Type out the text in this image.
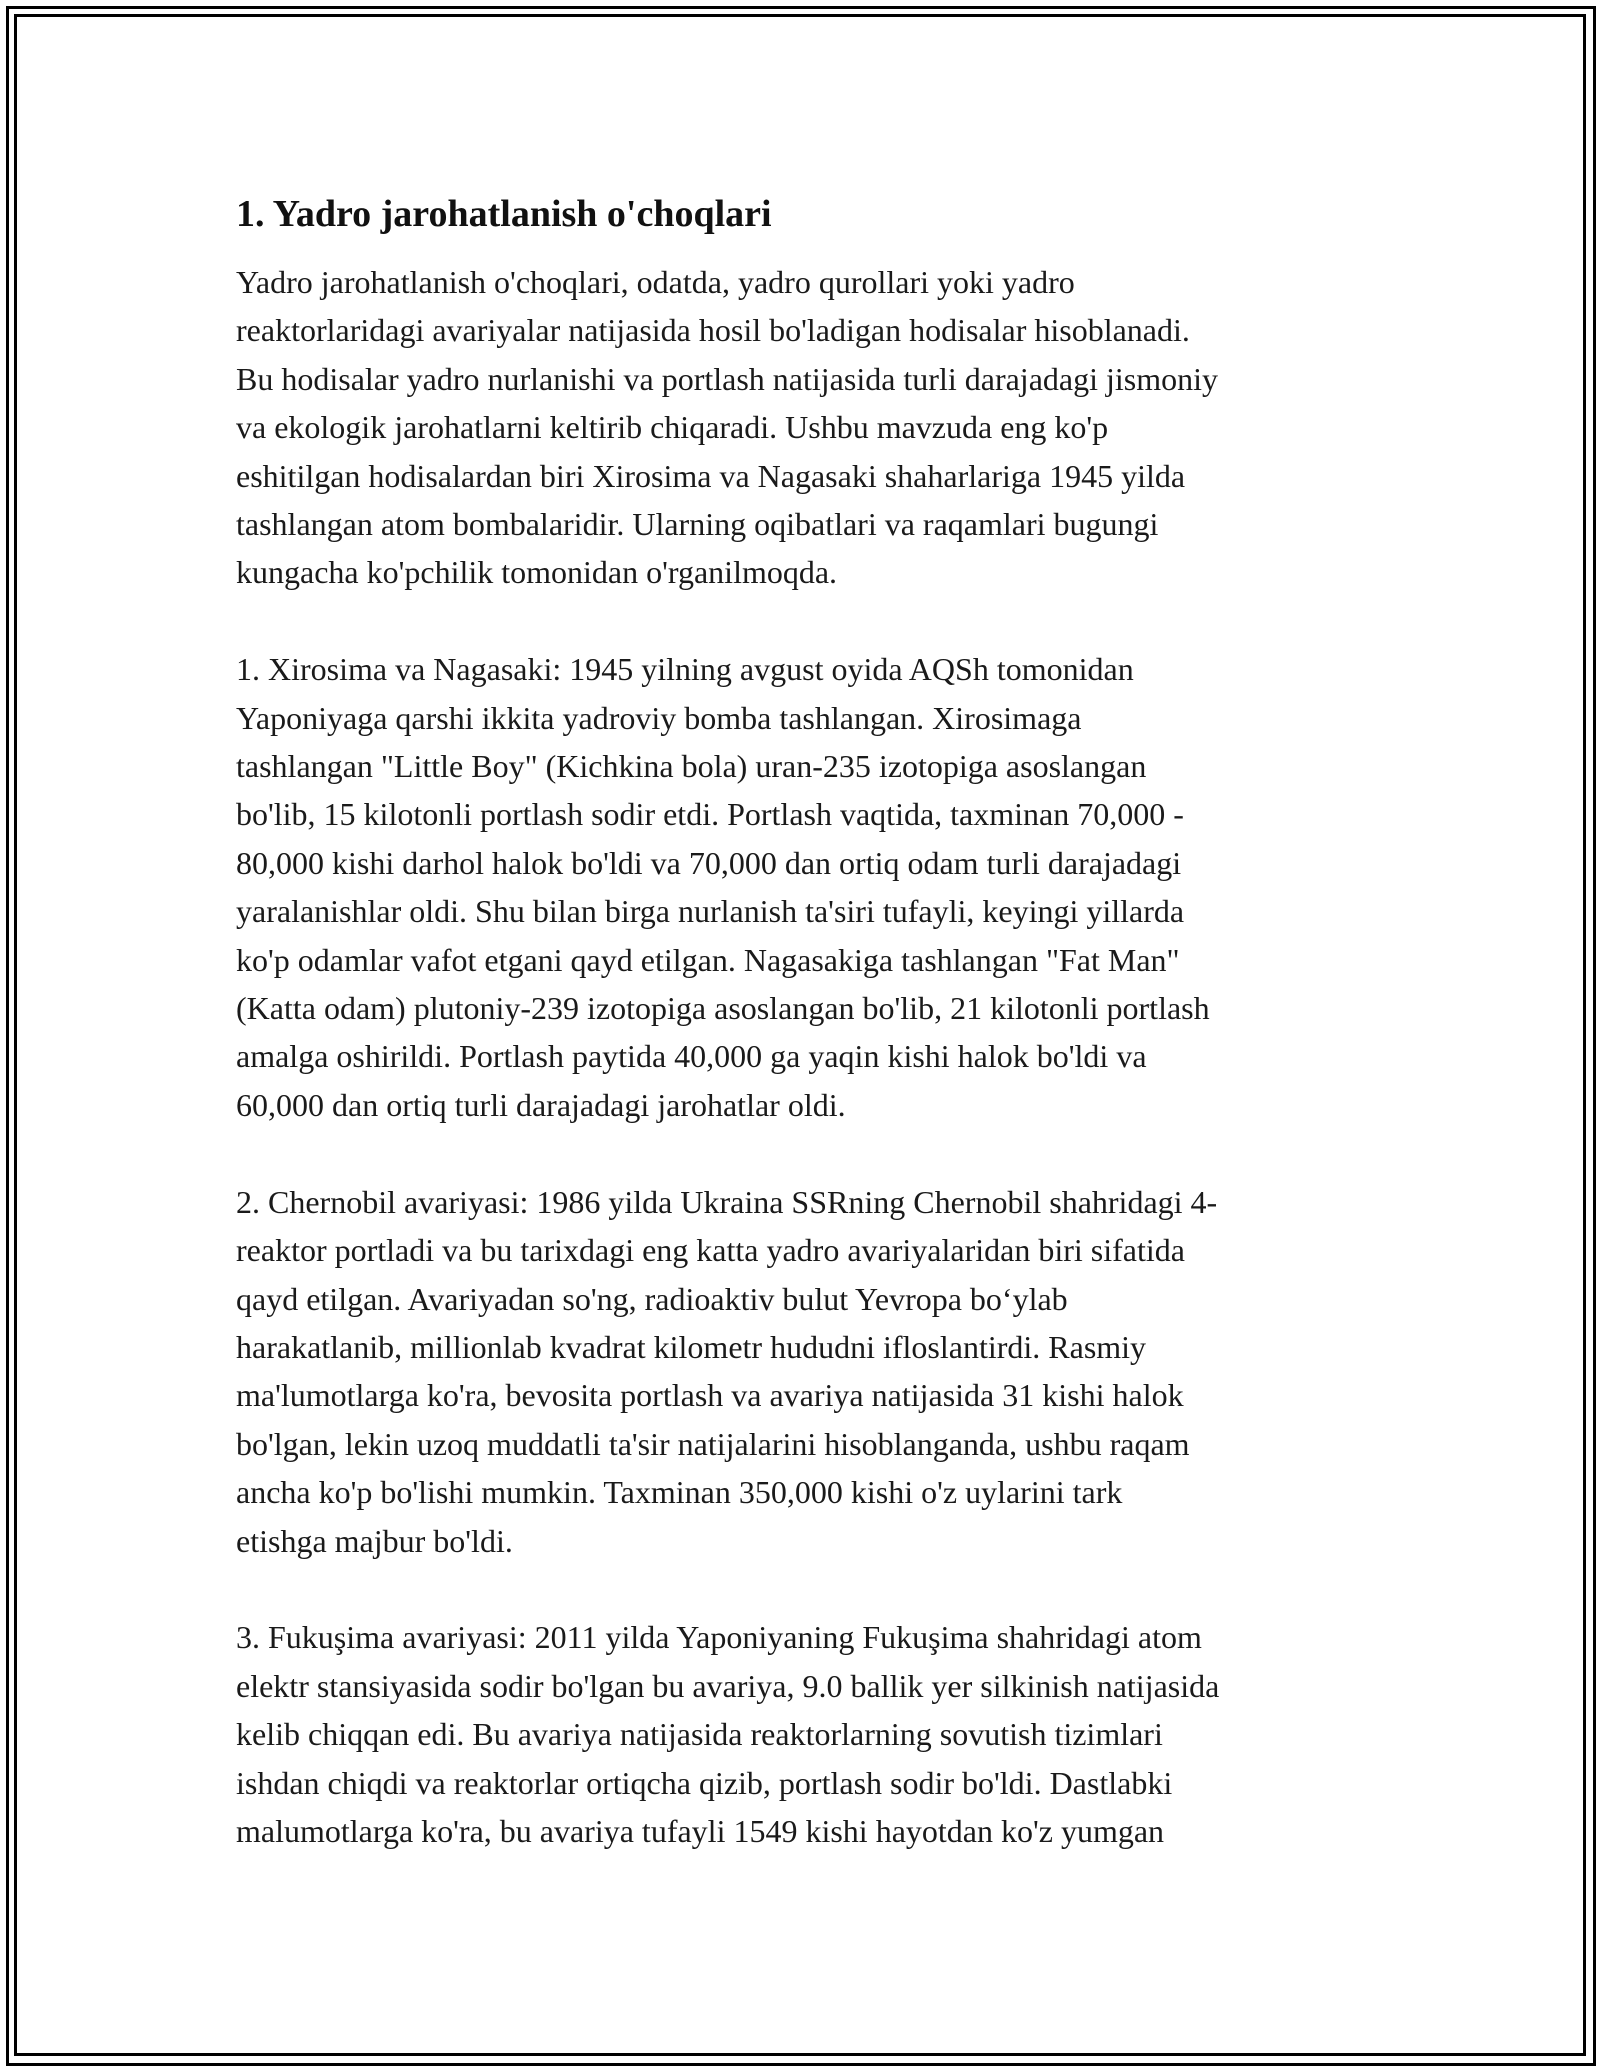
1. Yadro jarohatlanish o'choqlari

Yadro jarohatlanish o'choqlari, odatda, yadro qurollari yoki yadro
reaktorlaridagi avariyalar natijasida hosil bo'ladigan hodisalar hisoblanadi.
Bu hodisalar yadro nurlanishi va portlash natijasida turli darajadagi jismoniy
va ekologik jarohatlarni keltirib chiqaradi. Ushbu mavzuda eng ko'p
eshitilgan hodisalardan biri Xirosima va Nagasaki shaharlariga 1945 yilda
tashlangan atom bombalaridir. Ularning oqibatlari va raqamlari bugungi
kungacha ko'pchilik tomonidan o'rganilmoqda.

1. Xirosima va Nagasaki: 1945 yilning avgust oyida AQSh tomonidan
Yaponiyaga qarshi ikkita yadroviy bomba tashlangan. Xirosimaga
tashlangan "Little Boy" (Kichkina bola) uran-235 izotopiga asoslangan
bo'lib, 15 kilotonli portlash sodir etdi. Portlash vaqtida, taxminan 70,000 -
80,000 kishi darhol halok bo'ldi va 70,000 dan ortiq odam turli darajadagi
yaralanishlar oldi. Shu bilan birga nurlanish ta'siri tufayli, keyingi yillarda
ko'p odamlar vafot etgani qayd etilgan. Nagasakiga tashlangan "Fat Man"
(Katta odam) plutoniy-239 izotopiga asoslangan bo'lib, 21 kilotonli portlash
amalga oshirildi. Portlash paytida 40,000 ga yaqin kishi halok bo'ldi va
60,000 dan ortiq turli darajadagi jarohatlar oldi.

2. Chernobil avariyasi: 1986 yilda Ukraina SSRning Chernobil shahridagi 4-
reaktor portladi va bu tarixdagi eng katta yadro avariyalaridan biri sifatida
qayd etilgan. Avariyadan so'ng, radioaktiv bulut Yevropa bo‘ylab
harakatlanib, millionlab kvadrat kilometr hududni ifloslantirdi. Rasmiy
ma'lumotlarga ko'ra, bevosita portlash va avariya natijasida 31 kishi halok
bo'lgan, lekin uzoq muddatli ta'sir natijalarini hisoblanganda, ushbu raqam
ancha ko'p bo'lishi mumkin. Taxminan 350,000 kishi o'z uylarini tark
etishga majbur bo'ldi.

3. Fukuşima avariyasi: 2011 yilda Yaponiyaning Fukuşima shahridagi atom
elektr stansiyasida sodir bo'lgan bu avariya, 9.0 ballik yer silkinish natijasida
kelib chiqqan edi. Bu avariya natijasida reaktorlarning sovutish tizimlari
ishdan chiqdi va reaktorlar ortiqcha qizib, portlash sodir bo'ldi. Dastlabki
malumotlarga ko'ra, bu avariya tufayli 1549 kishi hayotdan ko'z yumgan
